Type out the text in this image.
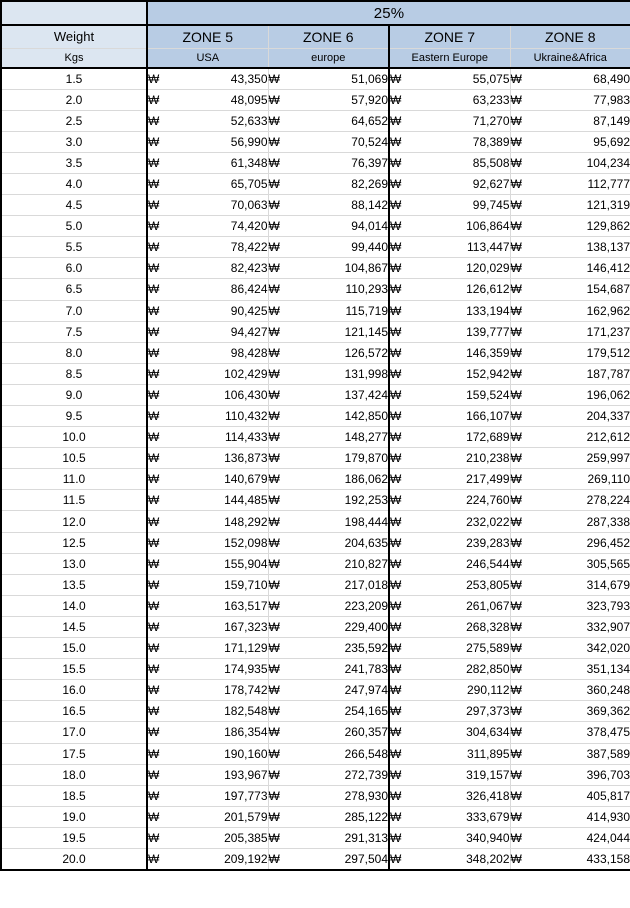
	25%			
Weight	ZONE 5	ZONE 6	ZONE 7	ZONE 8
Kgs	USA	europe	Eastern Europe	Ukraine&Africa
1.5	₩ 43,350	₩ 51,069	₩ 55,075	₩ 68,490

2.0	₩ 48,095	₩ 57,920	₩ 63,233	₩ 77,983

2.5	₩ 52,633	₩ 64,652	₩ 71,270	₩ 87,149

3.0	₩ 56,990	₩ 70,524	₩ 78,389	₩ 95,692

3.5	₩ 61,348	₩ 76,397	₩ 85,508	₩ 104,234

4.0	₩ 65,705	₩ 82,269	₩ 92,627	₩ 112,777

4.5	₩ 70,063	₩ 88,142	₩ 99,745	₩ 121,319

5.0	₩ 74,420	₩ 94,014	₩ 106,864	₩ 129,862

5.5	₩ 78,422	₩ 99,440	₩ 113,447	₩ 138,137

6.0	₩ 82,423	₩ 104,867	₩ 120,029	₩ 146,412

6.5	₩ 86,424	₩ 110,293	₩ 126,612	₩ 154,687

7.0	₩ 90,425	₩ 115,719	₩ 133,194	₩ 162,962

7.5	₩ 94,427	₩ 121,145	₩ 139,777	₩ 171,237

8.0	₩ 98,428	₩ 126,572	₩ 146,359	₩ 179,512

8.5	₩ 102,429	₩ 131,998	₩ 152,942	₩ 187,787

9.0	₩ 106,430	₩ 137,424	₩ 159,524	₩ 196,062

9.5	₩ 110,432	₩ 142,850	₩ 166,107	₩ 204,337

10.0	₩ 114,433	₩ 148,277	₩ 172,689	₩ 212,612

10.5	₩ 136,873	₩ 179,870	₩ 210,238	₩ 259,997

11.0	₩ 140,679	₩ 186,062	₩ 217,499	₩ 269,110

11.5	₩ 144,485	₩ 192,253	₩ 224,760	₩ 278,224

12.0	₩ 148,292	₩ 198,444	₩ 232,022	₩ 287,338

12.5	₩ 152,098	₩ 204,635	₩ 239,283	₩ 296,452

13.0	₩ 155,904	₩ 210,827	₩ 246,544	₩ 305,565

13.5	₩ 159,710	₩ 217,018	₩ 253,805	₩ 314,679

14.0	₩ 163,517	₩ 223,209	₩ 261,067	₩ 323,793

14.5	₩ 167,323	₩ 229,400	₩ 268,328	₩ 332,907

15.0	₩ 171,129	₩ 235,592	₩ 275,589	₩ 342,020

15.5	₩ 174,935	₩ 241,783	₩ 282,850	₩ 351,134

16.0	₩ 178,742	₩ 247,974	₩ 290,112	₩ 360,248

16.5	₩ 182,548	₩ 254,165	₩ 297,373	₩ 369,362

17.0	₩ 186,354	₩ 260,357	₩ 304,634	₩ 378,475

17.5	₩ 190,160	₩ 266,548	₩ 311,895	₩ 387,589

18.0	₩ 193,967	₩ 272,739	₩ 319,157	₩ 396,703

18.5	₩ 197,773	₩ 278,930	₩ 326,418	₩ 405,817

19.0	₩ 201,579	₩ 285,122	₩ 333,679	₩ 414,930

19.5	₩ 205,385	₩ 291,313	₩ 340,940	₩ 424,044

20.0	₩ 209,192	₩ 297,504	₩ 348,202	₩ 433,158
